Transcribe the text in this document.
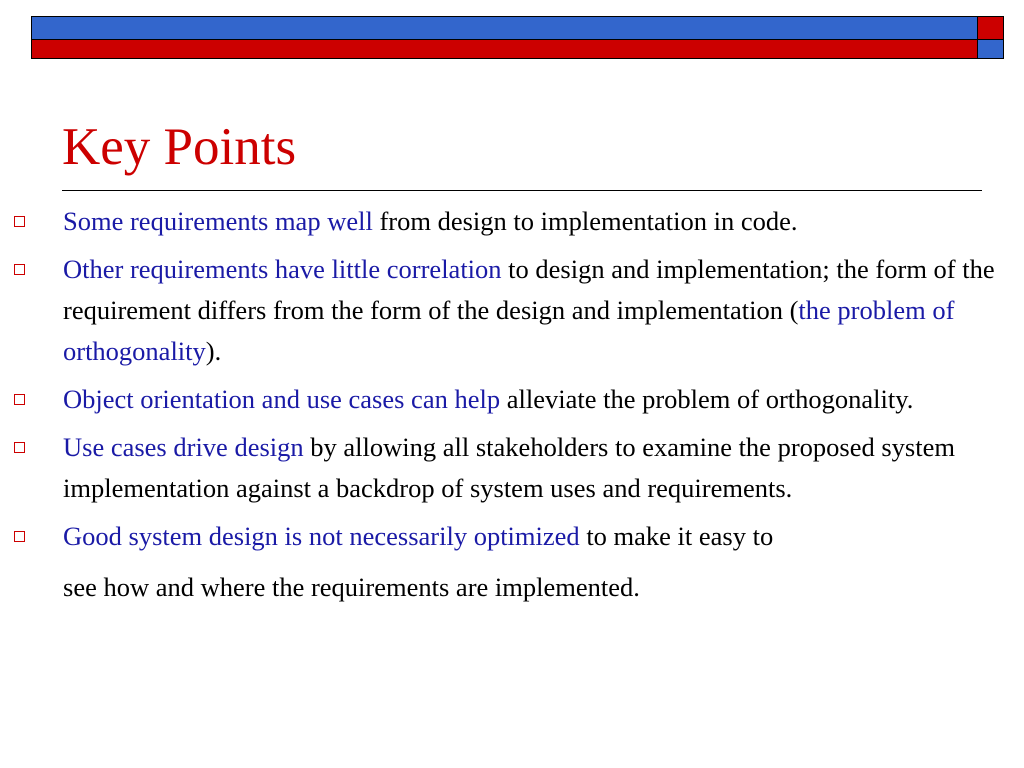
Key Points
Some requirements map well from design to implementation in code.
Other requirements have little correlation to design and implementation; the form of the requirement differs from the form of the design and implementation (the problem of orthogonality).
Object orientation and use cases can help alleviate the problem of orthogonality.
Use cases drive design by allowing all stakeholders to examine the proposed system implementation against a backdrop of system uses and requirements.
Good system design is not necessarily optimized to make it easy to
see how and where the requirements are implemented.
